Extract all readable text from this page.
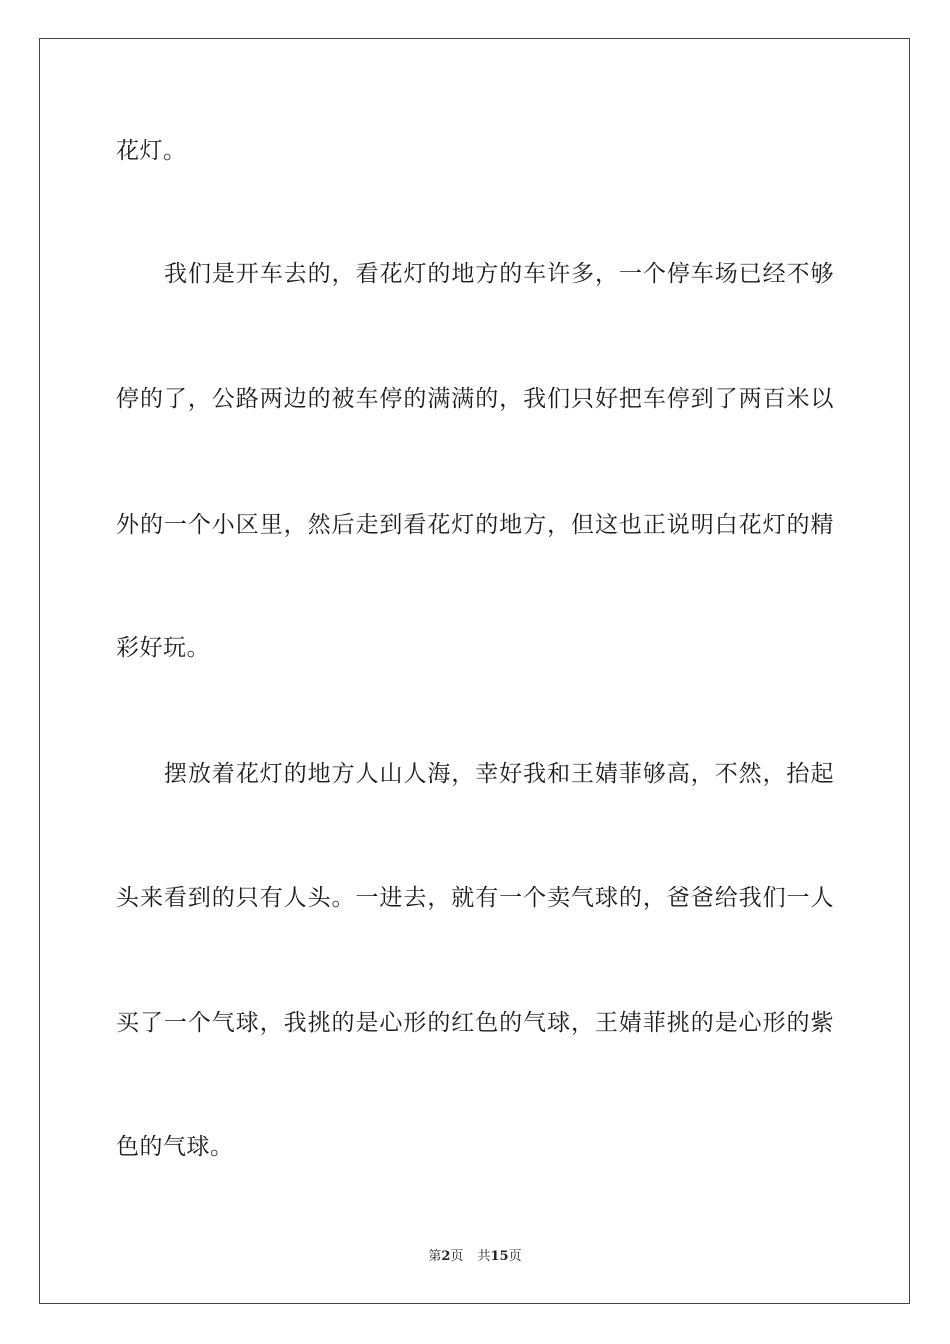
花灯。
我们是开车去的，看花灯的地方的车许多，一个停车场已经不够
停的了，公路两边的被车停的满满的，我们只好把车停到了两百米以
外的一个小区里，然后走到看花灯的地方，但这也正说明白花灯的精
彩好玩。
摆放着花灯的地方人山人海，幸好我和王婧菲够高，不然，抬起
头来看到的只有人头。一进去，就有一个卖气球的，爸爸给我们一人
买了一个气球，我挑的是心形的红色的气球，王婧菲挑的是心形的紫
色的气球。
第2页 共15页
